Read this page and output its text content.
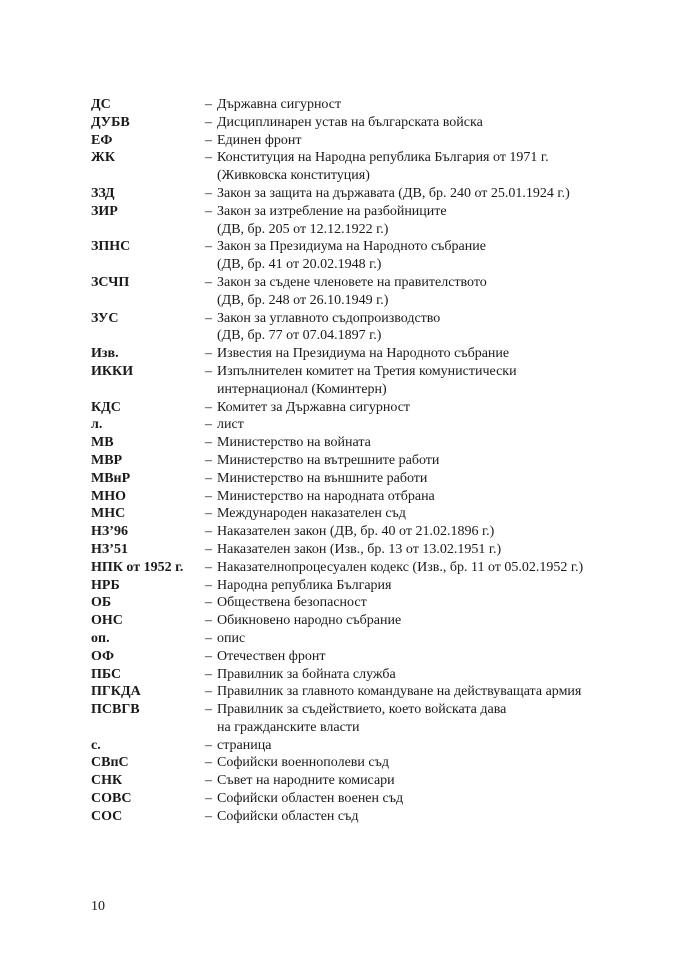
ДС	– Държавна сигурност
ДУБВ	– Дисциплинарен устав на българската войска
ЕФ	– Единен фронт
ЖК	– Конституция на Народна република България от 1971 г.
(Живковска конституция)
ЗЗД	– Закон за защита на държавата (ДВ, бр. 240 от 25.01.1924 г.)
ЗИР	– Закон за изтребление на разбойниците
(ДВ, бр. 205 от 12.12.1922 г.)
ЗПНС	– Закон за Президиума на Народното събрание
(ДВ, бр. 41 от 20.02.1948 г.)
ЗСЧП	– Закон за съдене членовете на правителството
(ДВ, бр. 248 от 26.10.1949 г.)
ЗУС	– Закон за углавното съдопроизводство
(ДВ, бр. 77 от 07.04.1897 г.)
Изв.	– Известия на Президиума на Народното събрание
ИККИ	– Изпълнителен комитет на Третия комунистически
интернационал (Коминтерн)
КДС	– Комитет за Държавна сигурност
л.	– лист
МВ	– Министерство на войната
МВР	– Министерство на вътрешните работи
МВнР	– Министерство на външните работи
МНО	– Министерство на народната отбрана
МНС	– Международен наказателен съд
НЗ’96	– Наказателен закон (ДВ, бр. 40 от 21.02.1896 г.)
НЗ’51	– Наказателен закон (Изв., бр. 13 от 13.02.1951 г.)
НПК от 1952 г.	– Наказателнопроцесуален кодекс (Изв., бр. 11 от 05.02.1952 г.)
НРБ	– Народна република България
ОБ	– Обществена безопасност
ОНС	– Обикновено народно събрание
оп.	– опис
ОФ	– Отечествен фронт
ПБС	– Правилник за бойната служба
ПГКДА	– Правилник за главното командуване на действуващата армия
ПСВГВ	– Правилник за съдействието, което войската дава
на гражданските власти
с.	– страница
СВпС	– Софийски военнополеви съд
СНК	– Съвет на народните комисари
СОВС	– Софийски областен военен съд
СОС	– Софийски областен съд
10
